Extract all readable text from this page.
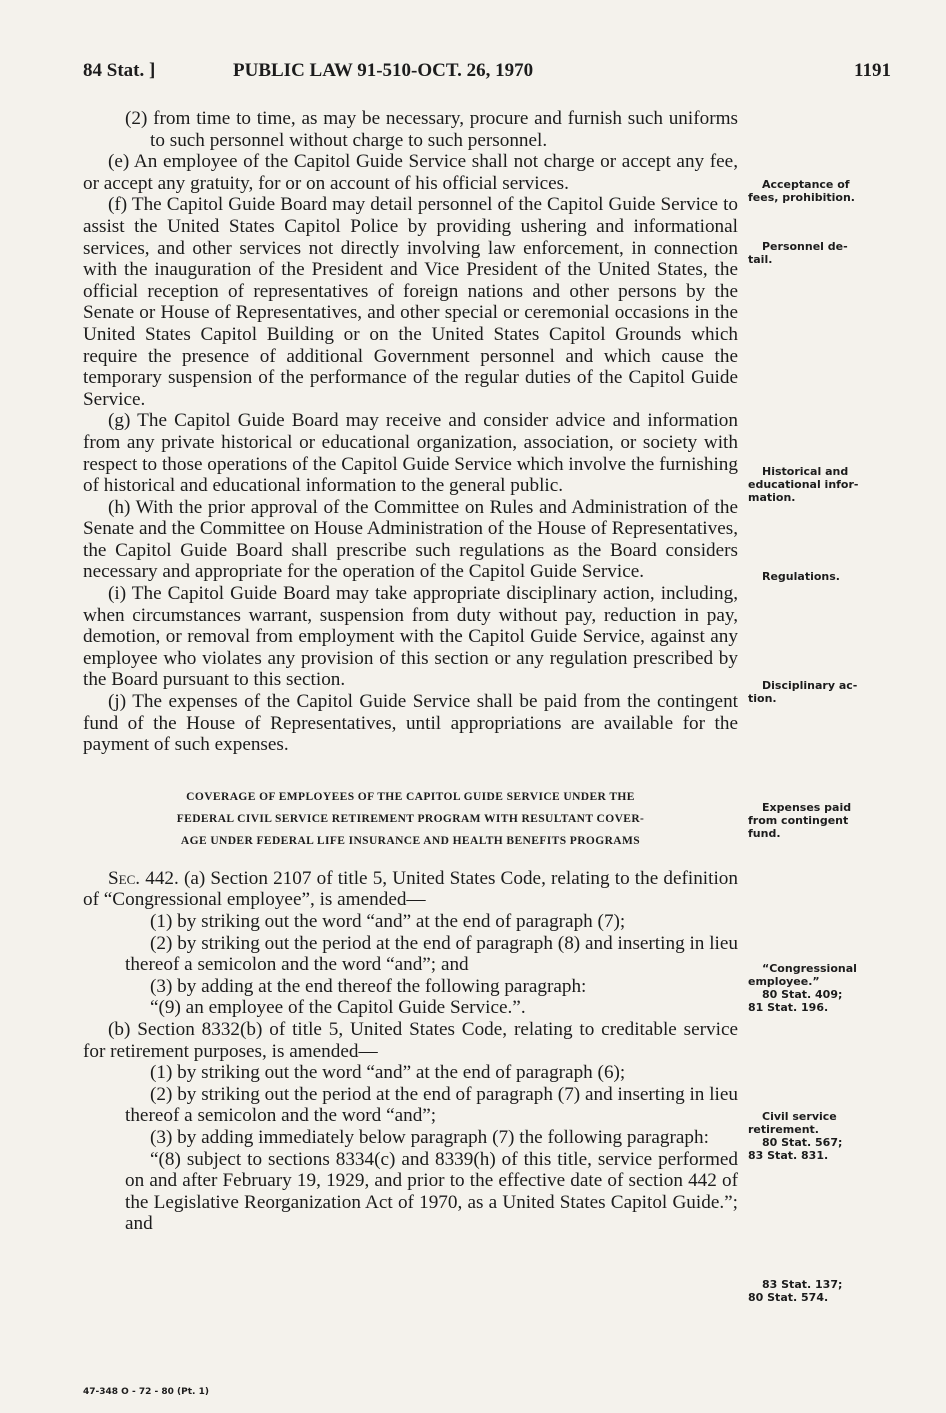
84 Stat. ]	PUBLIC LAW 91-510-OCT. 26, 1970	1191

(2) from time to time, as may be necessary, procure and furnish such uniforms to such personnel without charge to such personnel.

(e) An employee of the Capitol Guide Service shall not charge or accept any fee, or accept any gratuity, for or on account of his official services.

(f) The Capitol Guide Board may detail personnel of the Capitol Guide Service to assist the United States Capitol Police by providing ushering and informational services, and other services not directly involving law enforcement, in connection with the inauguration of the President and Vice President of the United States, the official reception of representatives of foreign nations and other persons by the Senate or House of Representatives, and other special or ceremonial occasions in the United States Capitol Building or on the United States Capitol Grounds which require the presence of additional Government personnel and which cause the temporary suspension of the performance of the regular duties of the Capitol Guide Service.

(g) The Capitol Guide Board may receive and consider advice and information from any private historical or educational organization, association, or society with respect to those operations of the Capitol Guide Service which involve the furnishing of historical and educational information to the general public.

(h) With the prior approval of the Committee on Rules and Administration of the Senate and the Committee on House Administration of the House of Representatives, the Capitol Guide Board shall prescribe such regulations as the Board considers necessary and appropriate for the operation of the Capitol Guide Service.

(i) The Capitol Guide Board may take appropriate disciplinary action, including, when circumstances warrant, suspension from duty without pay, reduction in pay, demotion, or removal from employment with the Capitol Guide Service, against any employee who violates any provision of this section or any regulation prescribed by the Board pursuant to this section.

(j) The expenses of the Capitol Guide Service shall be paid from the contingent fund of the House of Representatives, until appropriations are available for the payment of such expenses.

COVERAGE OF EMPLOYEES OF THE CAPITOL GUIDE SERVICE UNDER THE

FEDERAL CIVIL SERVICE RETIREMENT PROGRAM WITH RESULTANT COVER-

AGE UNDER FEDERAL LIFE INSURANCE AND HEALTH BENEFITS PROGRAMS

Sec. 442. (a) Section 2107 of title 5, United States Code, relating to the definition of “Congressional employee”, is amended—

(1) by striking out the word “and” at the end of paragraph (7);

(2) by striking out the period at the end of paragraph (8) and inserting in lieu thereof a semicolon and the word “and”; and

(3) by adding at the end thereof the following paragraph:

“(9) an employee of the Capitol Guide Service.”.

(b) Section 8332(b) of title 5, United States Code, relating to creditable service for retirement purposes, is amended—

(1) by striking out the word “and” at the end of paragraph (6);

(2) by striking out the period at the end of paragraph (7) and inserting in lieu thereof a semicolon and the word “and”;

(3) by adding immediately below paragraph (7) the following paragraph:

“(8) subject to sections 8334(c) and 8339(h) of this title, service performed on and after February 19, 1929, and prior to the effective date of section 442 of the Legislative Reorganization Act of 1970, as a United States Capitol Guide.”; and

Acceptance of
fees, prohibition.
Personnel de-
tail.
Historical and
educational infor-
mation.
Regulations.
Disciplinary ac-
tion.
Expenses paid
from contingent
fund.
“Congressional
employee.”
80 Stat. 409;
81 Stat. 196.
Civil service
retirement.
80 Stat. 567;
83 Stat. 831.
83 Stat. 137;
80 Stat. 574.
47-348 O - 72 - 80 (Pt. 1)
